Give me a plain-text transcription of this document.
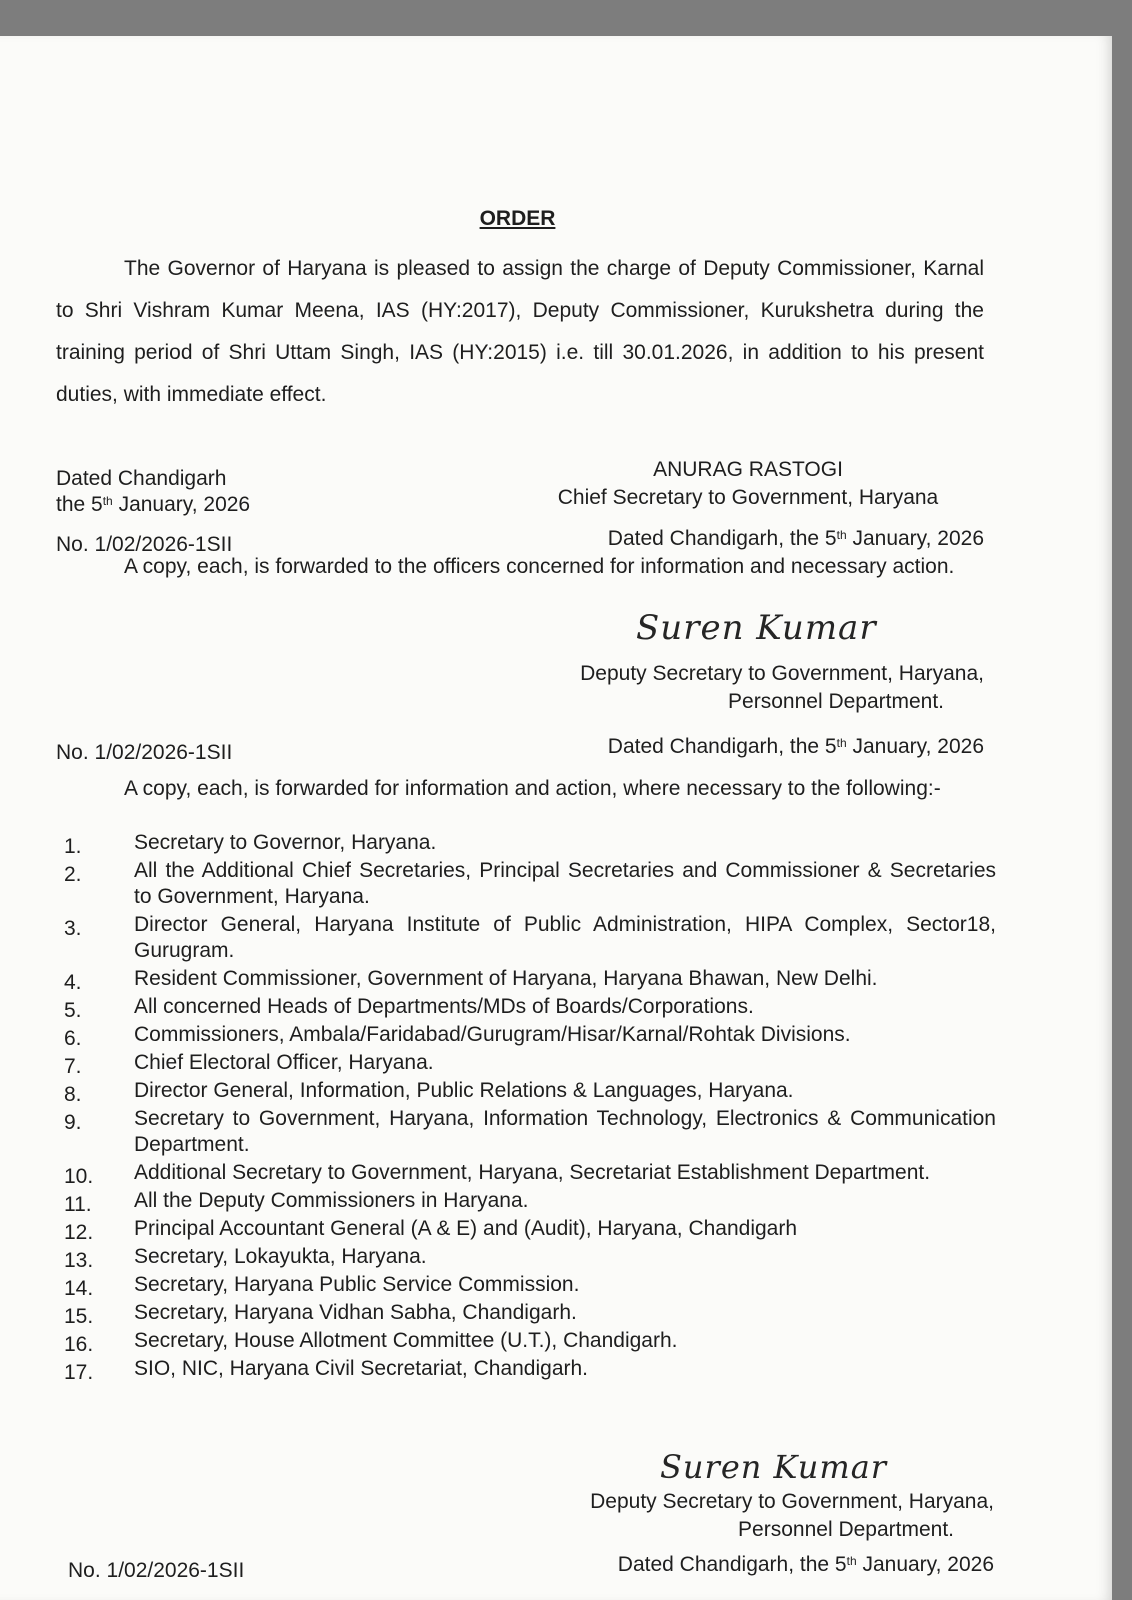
ORDER
The Governor of Haryana is pleased to assign the charge of Deputy Commissioner, Karnal to Shri Vishram Kumar Meena, IAS (HY:2017), Deputy Commissioner, Kurukshetra during the training period of Shri Uttam Singh, IAS (HY:2015) i.e. till 30.01.2026, in addition to his present duties, with immediate effect.
Dated Chandigarh
the 5th January, 2026
ANURAG RASTOGI
Chief Secretary to Government, Haryana
No. 1/02/2026-1SII	Dated Chandigarh, the 5th January, 2026
A copy, each, is forwarded to the officers concerned for information and necessary action.
Suren Kumar
Deputy Secretary to Government, Haryana,
Personnel Department.
No. 1/02/2026-1SII	Dated Chandigarh, the 5th January, 2026
A copy, each, is forwarded for information and action, where necessary to the following:-
1. Secretary to Governor, Haryana.
2. All the Additional Chief Secretaries, Principal Secretaries and Commissioner & Secretaries to Government, Haryana.
3. Director General, Haryana Institute of Public Administration, HIPA Complex, Sector18, Gurugram.
4. Resident Commissioner, Government of Haryana, Haryana Bhawan, New Delhi.
5. All concerned Heads of Departments/MDs of Boards/Corporations.
6. Commissioners, Ambala/Faridabad/Gurugram/Hisar/Karnal/Rohtak Divisions.
7. Chief Electoral Officer, Haryana.
8. Director General, Information, Public Relations & Languages, Haryana.
9. Secretary to Government, Haryana, Information Technology, Electronics & Communication Department.
10. Additional Secretary to Government, Haryana, Secretariat Establishment Department.
11. All the Deputy Commissioners in Haryana.
12. Principal Accountant General (A & E) and (Audit), Haryana, Chandigarh
13. Secretary, Lokayukta, Haryana.
14. Secretary, Haryana Public Service Commission.
15. Secretary, Haryana Vidhan Sabha, Chandigarh.
16. Secretary, House Allotment Committee (U.T.), Chandigarh.
17. SIO, NIC, Haryana Civil Secretariat, Chandigarh.
Suren Kumar
Deputy Secretary to Government, Haryana,
Personnel Department.
No. 1/02/2026-1SII	Dated Chandigarh, the 5th January, 2026
